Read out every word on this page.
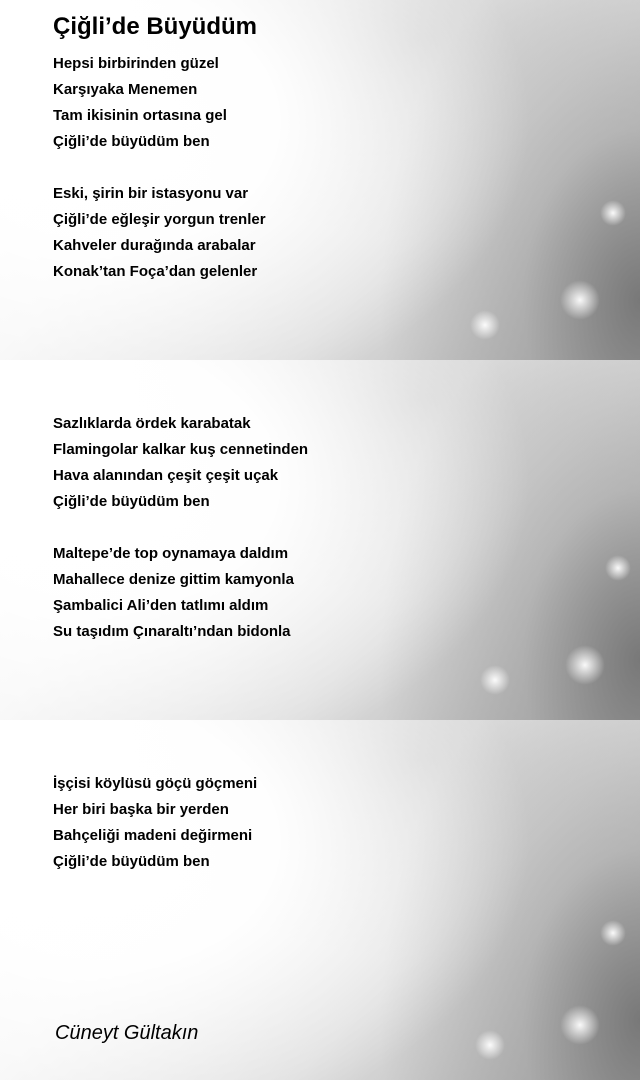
Çiğli’de Büyüdüm
Hepsi birbirinden güzel
Karşıyaka Menemen
Tam ikisinin ortasına gel
Çiğli’de büyüdüm ben
Eski, şirin bir istasyonu var
Çiğli’de eğleşir yorgun trenler
Kahveler durağında arabalar
Konak’tan Foça’dan gelenler
Sazlıklarda ördek karabatak
Flamingolar kalkar kuş cennetinden
Hava alanından çeşit çeşit uçak
Çiğli’de büyüdüm ben
Maltepe’de top oynamaya daldım
Mahallece denize gittim kamyonla
Şambalici Ali’den tatlımı aldım
Su taşıdım Çınaraltı’ndan bidonla
İşçisi köylüsü göçü göçmeni
Her biri başka bir yerden
Bahçeliği madeni değirmeni
Çiğli’de büyüdüm ben
Cüneyt Gültakın
